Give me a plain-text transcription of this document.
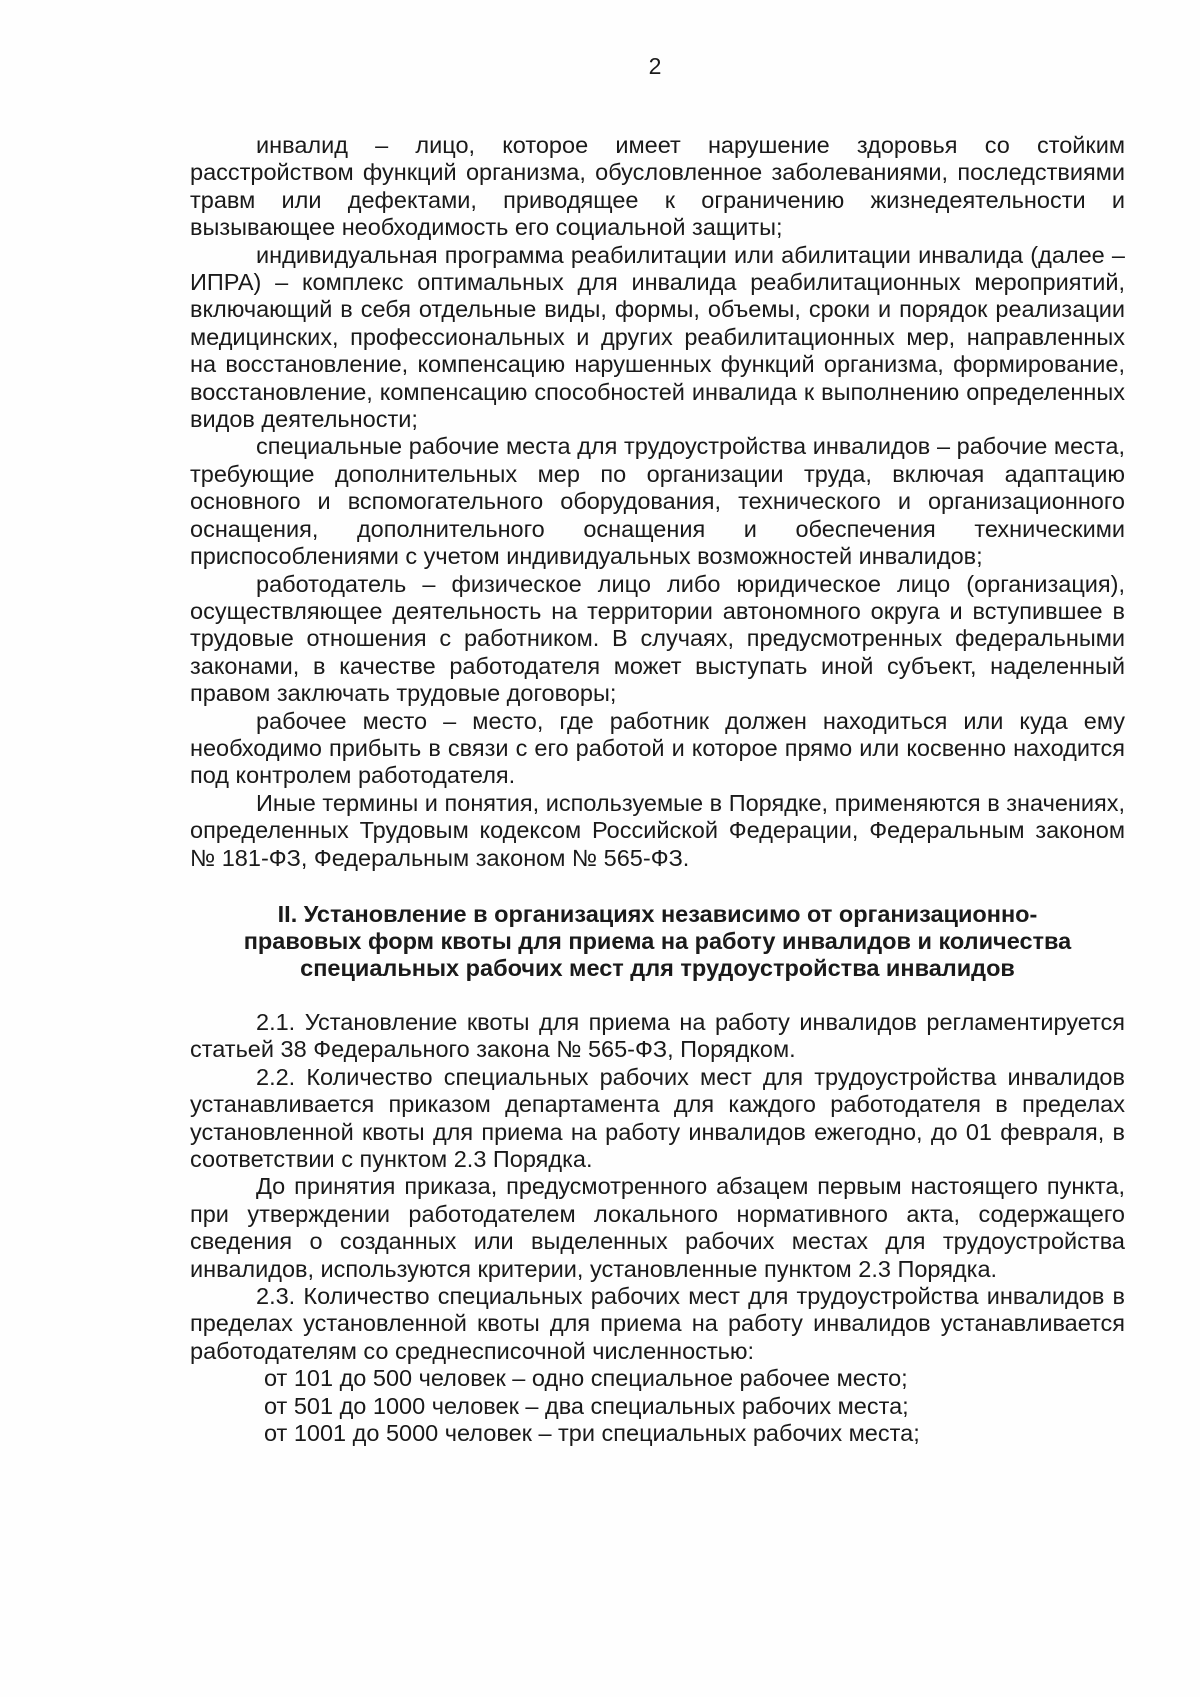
2

инвалид – лицо, которое имеет нарушение здоровья со стойким расстройством функций организма, обусловленное заболеваниями, последствиями травм или дефектами, приводящее к ограничению жизнедеятельности и вызывающее необходимость его социальной защиты;

индивидуальная программа реабилитации или абилитации инвалида (далее – ИПРА) – комплекс оптимальных для инвалида реабилитационных мероприятий, включающий в себя отдельные виды, формы, объемы, сроки и порядок реализации медицинских, профессиональных и других реабилитационных мер, направленных на восстановление, компенсацию нарушенных функций организма, формирование, восстановление, компенсацию способностей инвалида к выполнению определенных видов деятельности;

специальные рабочие места для трудоустройства инвалидов – рабочие места, требующие дополнительных мер по организации труда, включая адаптацию основного и вспомогательного оборудования, технического и организационного оснащения, дополнительного оснащения и обеспечения техническими приспособлениями с учетом индивидуальных возможностей инвалидов;

работодатель – физическое лицо либо юридическое лицо (организация), осуществляющее деятельность на территории автономного округа и вступившее в трудовые отношения с работником. В случаях, предусмотренных федеральными законами, в качестве работодателя может выступать иной субъект, наделенный правом заключать трудовые договоры;

рабочее место – место, где работник должен находиться или куда ему необходимо прибыть в связи с его работой и которое прямо или косвенно находится под контролем работодателя.

Иные термины и понятия, используемые в Порядке, применяются в значениях, определенных Трудовым кодексом Российской Федерации, Федеральным законом № 181-ФЗ, Федеральным законом № 565-ФЗ.

II. Установление в организациях независимо от организационно-
правовых форм квоты для приема на работу инвалидов и количества
специальных рабочих мест для трудоустройства инвалидов

2.1. Установление квоты для приема на работу инвалидов регламентируется статьей 38 Федерального закона № 565-ФЗ, Порядком.

2.2. Количество специальных рабочих мест для трудоустройства инвалидов устанавливается приказом департамента для каждого работодателя в пределах установленной квоты для приема на работу инвалидов ежегодно, до 01 февраля, в соответствии с пунктом 2.3 Порядка.

До принятия приказа, предусмотренного абзацем первым настоящего пункта, при утверждении работодателем локального нормативного акта, содержащего сведения о созданных или выделенных рабочих местах для трудоустройства инвалидов, используются критерии, установленные пунктом 2.3 Порядка.

2.3. Количество специальных рабочих мест для трудоустройства инвалидов в пределах установленной квоты для приема на работу инвалидов устанавливается работодателям со среднесписочной численностью:

от 101 до 500 человек – одно специальное рабочее место;

от 501 до 1000 человек – два специальных рабочих места;

от 1001 до 5000 человек – три специальных рабочих места;
